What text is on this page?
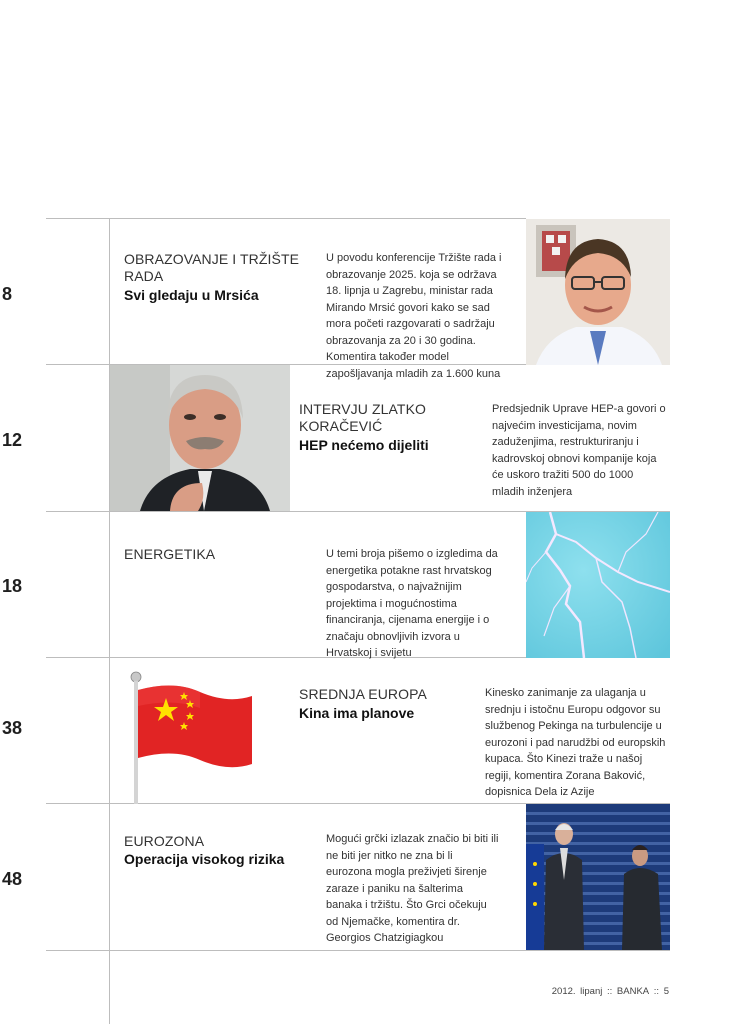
8
OBRAZOVANJE I TRŽIŠTE RADA
Svi gledaju u Mrsića
U povodu konferencije Tržište rada i obrazovanje 2025. koja se održava 18. lipnja u Zagrebu, ministar rada Mirando Mrsić govori kako se sad mora početi razgovarati o sadržaju obrazovanja za 20 i 30 godina. Komentira također model zapošljavanja mladih za 1.600 kuna
12
INTERVJU ZLATKO KORAČEVIĆ
HEP nećemo dijeliti
Predsjednik Uprave HEP-a govori o najvećim investicijama, novim zaduženjima, restrukturiranju i kadrovskoj obnovi kompanije koja će uskoro tražiti 500 do 1000 mladih inženjera
18
ENERGETIKA	U temi broja pišemo o izgledima da energetika potakne rast hrvatskog gospodarstva, o najvažnijim projektima i mogućnostima financiranja, cijenama energije i o značaju obnovljivih izvora u Hrvatskoj i svijetu
38
SREDNJA EUROPA
Kina ima planove
Kinesko zanimanje za ulaganja u srednju i istočnu Europu odgovor su službenog Pekinga na turbulencije u eurozoni i pad narudžbi od europskih kupaca. Što Kinezi traže u našoj regiji, komentira Zorana Baković, dopisnica Dela iz Azije
48
EUROZONA
Operacija visokog rizika
Mogući grčki izlazak značio bi biti ili ne biti jer nitko ne zna bi li eurozona mogla preživjeti širenje zaraze i paniku na šalterima banaka i tržištu. Što Grci očekuju od Njemačke, komentira dr. Georgios Chatzigiagkou
2012. lipanj :: BANKA :: 5
